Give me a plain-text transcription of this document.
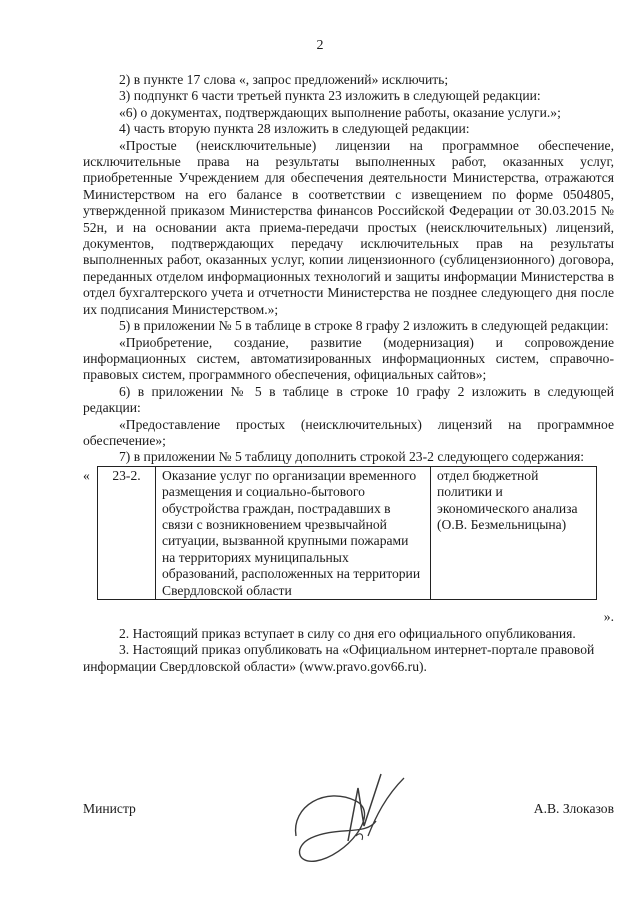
2

2) в пункте 17 слова «, запрос предложений» исключить;

3) подпункт 6 части третьей пункта 23 изложить в следующей редакции:

«6) о документах, подтверждающих выполнение работы, оказание услуги.»;

4) часть вторую пункта 28 изложить в следующей редакции:

«Простые (неисключительные) лицензии на программное обеспечение, исключительные права на результаты выполненных работ, оказанных услуг, приобретенные Учреждением для обеспечения деятельности Министерства, отражаются Министерством на его балансе в соответствии с извещением по форме 0504805, утвержденной приказом Министерства финансов Российской Федерации от 30.03.2015 № 52н, и на основании акта приема-передачи простых (неисключительных) лицензий, документов, подтверждающих передачу исключительных прав на результаты выполненных работ, оказанных услуг, копии лицензионного (сублицензионного) договора, переданных отделом информационных технологий и защиты информации Министерства в отдел бухгалтерского учета и отчетности Министерства не позднее следующего дня после их подписания Министерством.»;

5) в приложении № 5 в таблице в строке 8 графу 2 изложить в следующей редакции:

«Приобретение, создание, развитие (модернизация) и сопровождение информационных систем, автоматизированных информационных систем, справочно-правовых систем, программного обеспечения, официальных сайтов»;

6) в приложении № 5 в таблице в строке 10 графу 2 изложить в следующей редакции:

«Предоставление простых (неисключительных) лицензий на программное обеспечение»;

7) в приложении № 5 таблицу дополнить строкой 23-2 следующего содержания:

« 23-2.	Оказание услуг по организации временного размещения и социально-бытового обустройства граждан, пострадавших в связи с возникновением чрезвычайной ситуации, вызванной крупными пожарами на территориях муниципальных образований, расположенных на территории Свердловской области	отдел бюджетной политики и экономического анализа (О.В. Безмельницына)
».

2. Настоящий приказ вступает в силу со дня его официального опубликования.

3. Настоящий приказ опубликовать на «Официальном интернет-портале правовой информации Свердловской области» (www.pravo.gov66.ru).

Министр	А.В. Злоказов
